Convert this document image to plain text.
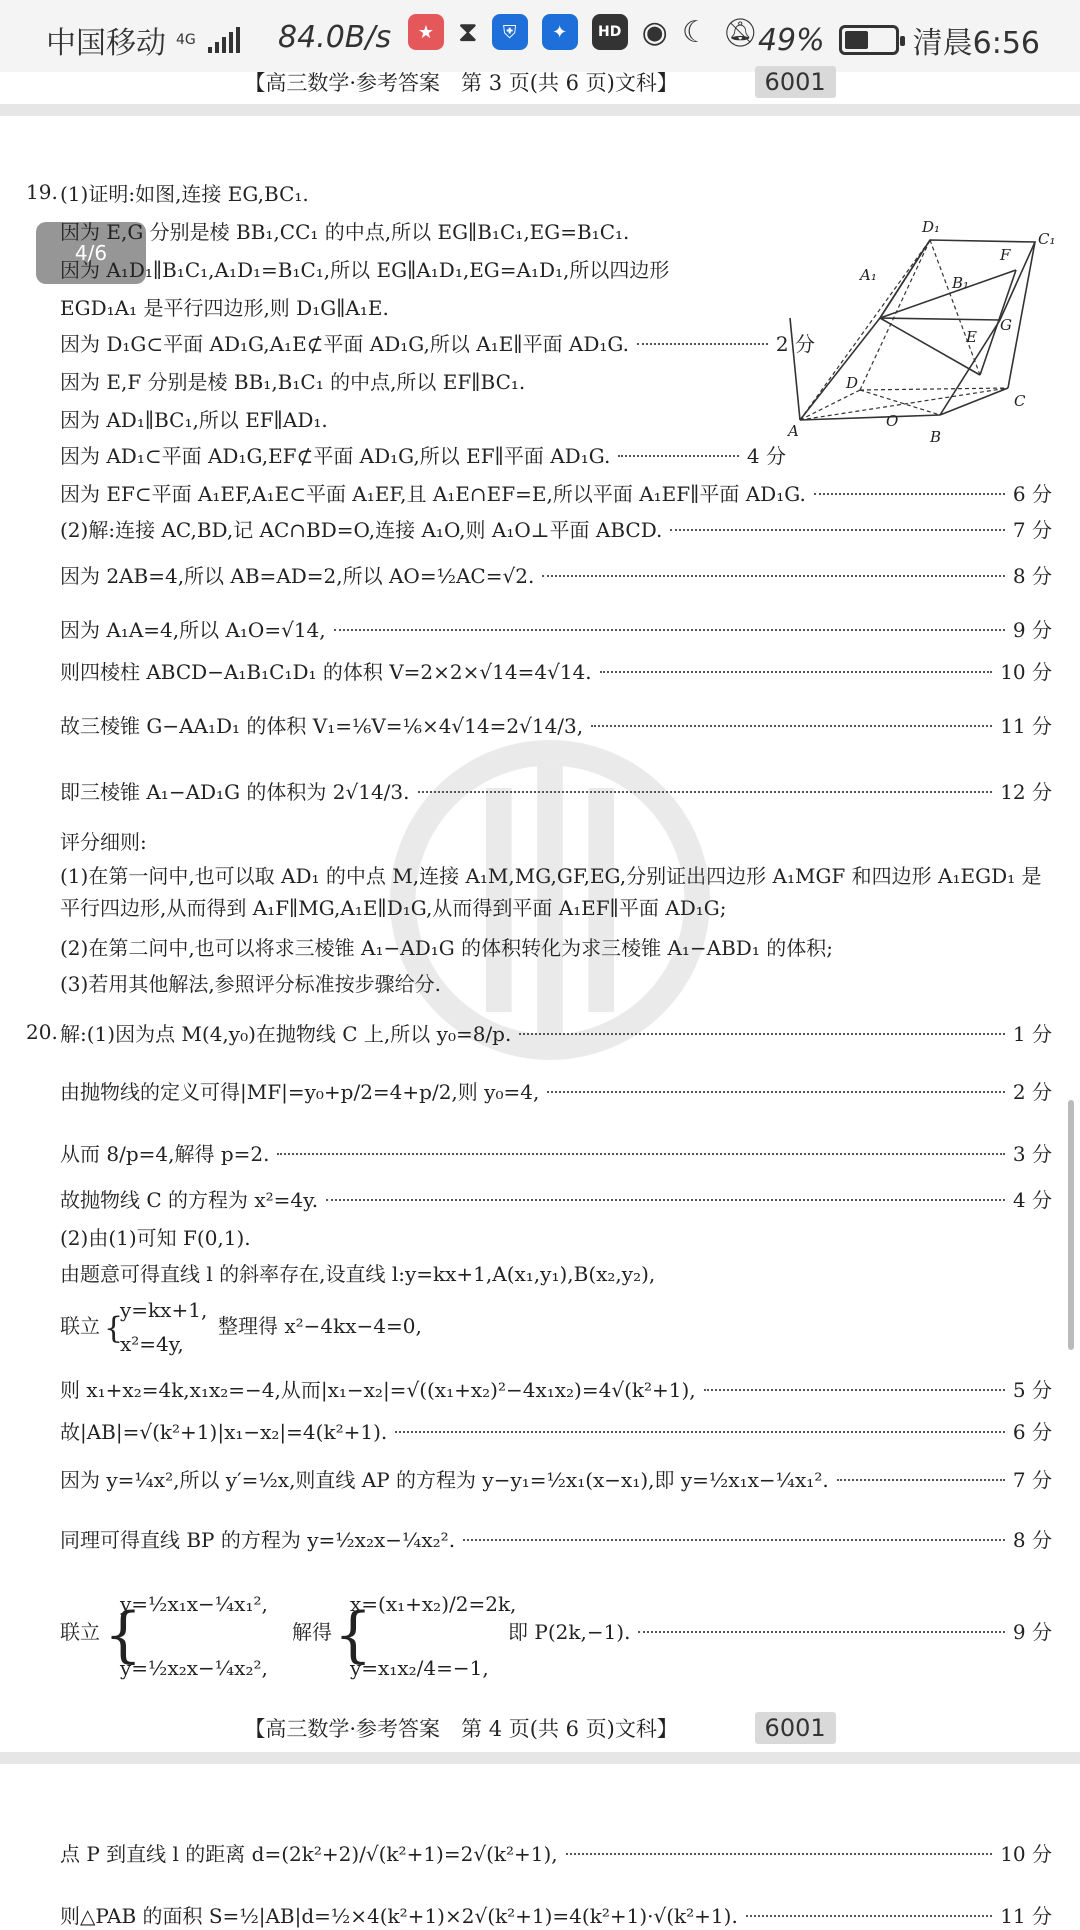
中国移动 4G	84.0B/s	★ ⧗	⛨	✦	HD ◉ ☾ 🔕︎ 49%	清晨6:56
【高三数学·参考答案　第 3 页(共 6 页)文科】	6001
4/6
19. (1)证明:如图,连接 EG,BC₁.
因为 E,G 分别是棱 BB₁,CC₁ 的中点,所以 EG∥B₁C₁,EG=B₁C₁.
因为 A₁D₁∥B₁C₁,A₁D₁=B₁C₁,所以 EG∥A₁D₁,EG=A₁D₁,所以四边形
EGD₁A₁ 是平行四边形,则 D₁G∥A₁E.
因为 D₁G⊂平面 AD₁G,A₁E⊄平面 AD₁G,所以 A₁E∥平面 AD₁G.	2 分
因为 E,F 分别是棱 BB₁,B₁C₁ 的中点,所以 EF∥BC₁.
因为 AD₁∥BC₁,所以 EF∥AD₁.
因为 AD₁⊂平面 AD₁G,EF⊄平面 AD₁G,所以 EF∥平面 AD₁G.	4 分
因为 EF⊂平面 A₁EF,A₁E⊂平面 A₁EF,且 A₁E∩EF=E,所以平面 A₁EF∥平面 AD₁G.	6 分
(2)解:连接 AC,BD,记 AC∩BD=O,连接 A₁O,则 A₁O⊥平面 ABCD.	7 分
因为 2AB=4,所以 AB=AD=2,所以 AO=½AC=√2.	8 分
因为 A₁A=4,所以 A₁O=√14,	9 分
则四棱柱 ABCD−A₁B₁C₁D₁ 的体积 V=2×2×√14=4√14.	10 分
故三棱锥 G−AA₁D₁ 的体积 V₁=⅙V=⅙×4√14=2√14/3,	11 分
即三棱锥 A₁−AD₁G 的体积为 2√14/3.	12 分
评分细则:
(1)在第一问中,也可以取 AD₁ 的中点 M,连接 A₁M,MG,GF,EG,分别证出四边形 A₁MGF 和四边形 A₁EGD₁ 是平行四边形,从而得到 A₁F∥MG,A₁E∥D₁G,从而得到平面 A₁EF∥平面 AD₁G;
(2)在第二问中,也可以将求三棱锥 A₁−AD₁G 的体积转化为求三棱锥 A₁−ABD₁ 的体积;
(3)若用其他解法,参照评分标准按步骤给分.
D₁
C₁
A₁
F
B₁
E
G
D
C
A
O
B
20. 解:(1)因为点 M(4,y₀)在抛物线 C 上,所以 y₀=8/p.	1 分
由抛物线的定义可得|MF|=y₀+p/2=4+p/2,则 y₀=4,	2 分
从而 8/p=4,解得 p=2.	3 分
故抛物线 C 的方程为 x²=4y.	4 分
(2)由(1)可知 F(0,1).
由题意可得直线 l 的斜率存在,设直线 l:y=kx+1,A(x₁,y₁),B(x₂,y₂),
联立 {
y=kx+1,
x²=4y,
整理得 x²−4kx−4=0,
则 x₁+x₂=4k,x₁x₂=−4,从而|x₁−x₂|=√((x₁+x₂)²−4x₁x₂)=4√(k²+1),	5 分
故|AB|=√(k²+1)|x₁−x₂|=4(k²+1).	6 分
因为 y=¼x²,所以 y′=½x,则直线 AP 的方程为 y−y₁=½x₁(x−x₁),即 y=½x₁x−¼x₁².	7 分
同理可得直线 BP 的方程为 y=½x₂x−¼x₂².	8 分
联立 {
y=½x₁x−¼x₁²,
y=½x₂x−¼x₂²,
解得 {
x=(x₁+x₂)/2=2k,
y=x₁x₂/4=−1,
即 P(2k,−1).	9 分
【高三数学·参考答案　第 4 页(共 6 页)文科】	6001
点 P 到直线 l 的距离 d=(2k²+2)/√(k²+1)=2√(k²+1),	10 分
则△PAB 的面积 S=½|AB|d=½×4(k²+1)×2√(k²+1)=4(k²+1)·√(k²+1).	11 分
